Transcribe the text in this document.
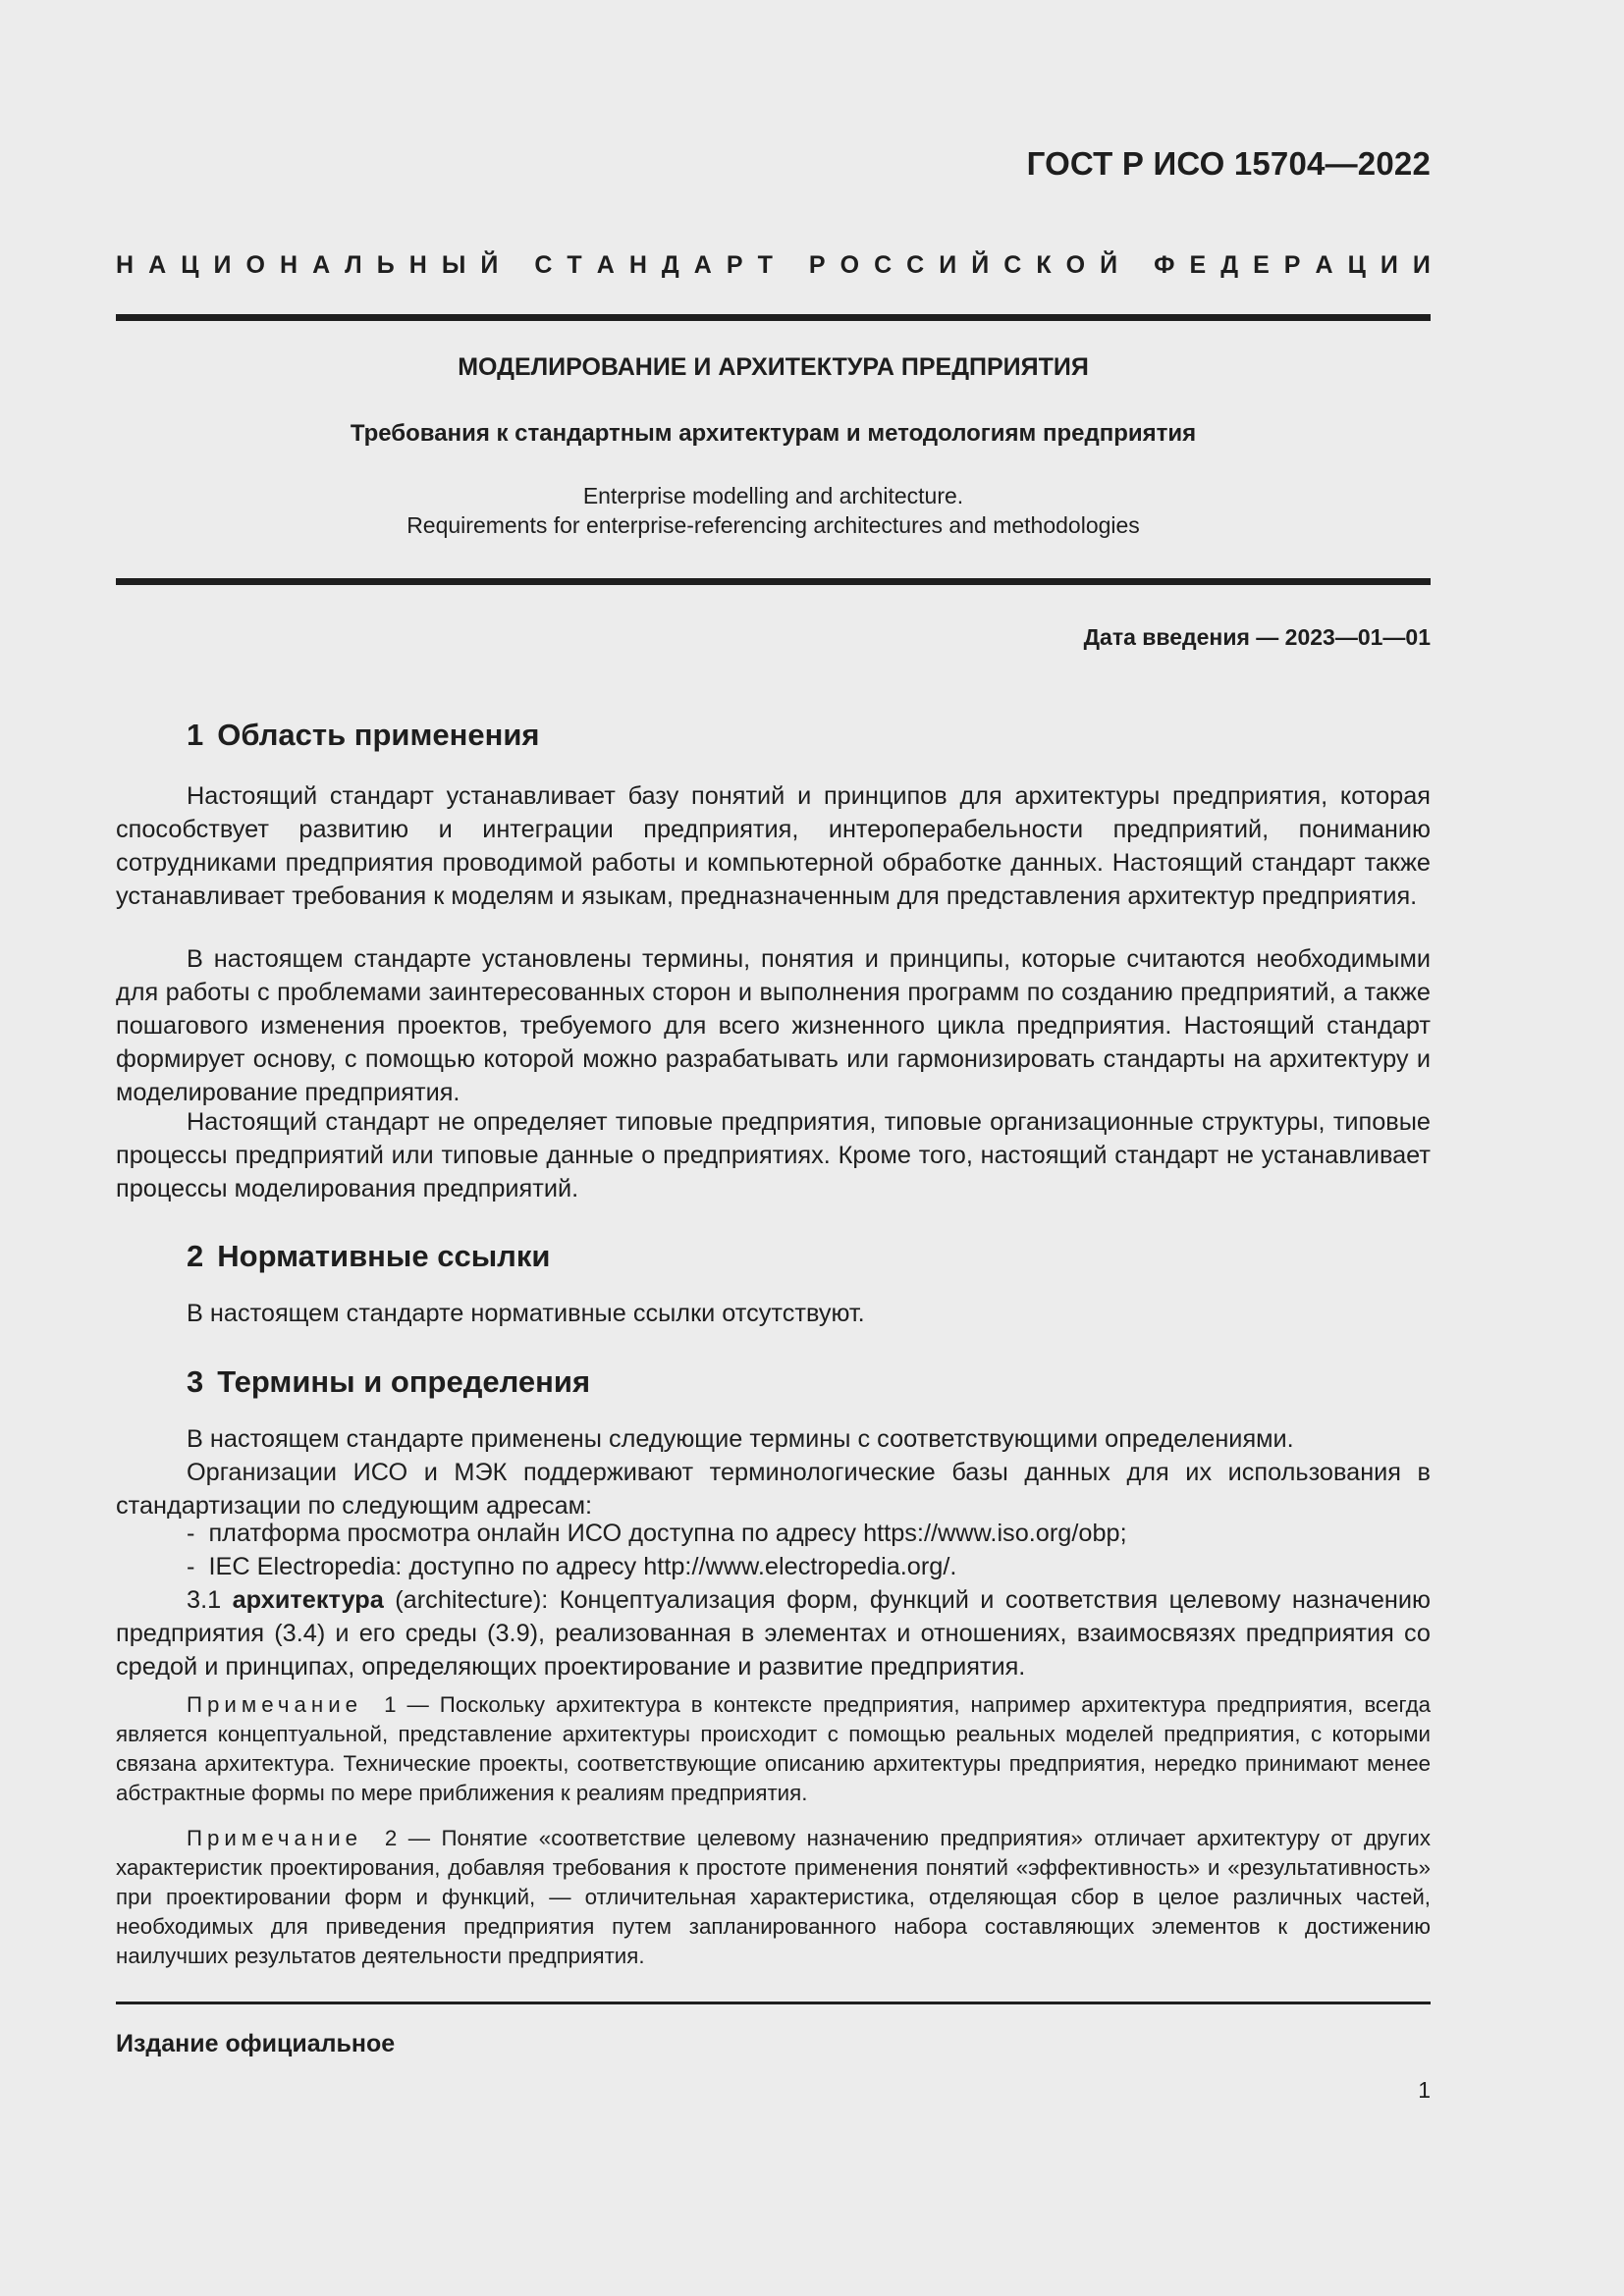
ГОСТ Р ИСО 15704—2022
Н А Ц И О Н А Л Ь Н Ы Й
С Т А Н Д А Р Т
Р О С С И Й С К О Й
Ф Е Д Е Р А Ц И И
МОДЕЛИРОВАНИЕ И АРХИТЕКТУРА ПРЕДПРИЯТИЯ
Требования к стандартным архитектурам и методологиям предприятия
Enterprise modelling and architecture.
Requirements for enterprise-referencing architectures and methodologies
Дата введения — 2023—01—01
1 Область применения
Настоящий стандарт устанавливает базу понятий и принципов для архитектуры предприятия, которая способствует развитию и интеграции предприятия, интероперабельности предприятий, пониманию сотрудниками предприятия проводимой работы и компьютерной обработке данных. Настоящий стандарт также устанавливает требования к моделям и языкам, предназначенным для представления архитектур предприятия.
В настоящем стандарте установлены термины, понятия и принципы, которые считаются необходимыми для работы с проблемами заинтересованных сторон и выполнения программ по созданию предприятий, а также пошагового изменения проектов, требуемого для всего жизненного цикла предприятия. Настоящий стандарт формирует основу, с помощью которой можно разрабатывать или гармонизировать стандарты на архитектуру и моделирование предприятия.
Настоящий стандарт не определяет типовые предприятия, типовые организационные структуры, типовые процессы предприятий или типовые данные о предприятиях. Кроме того, настоящий стандарт не устанавливает процессы моделирования предприятий.
2 Нормативные ссылки
В настоящем стандарте нормативные ссылки отсутствуют.
3 Термины и определения
В настоящем стандарте применены следующие термины с соответствующими определениями.
Организации ИСО и МЭК поддерживают терминологические базы данных для их использования в стандартизации по следующим адресам:
-  платформа просмотра онлайн ИСО доступна по адресу https://www.iso.org/obp;
-  IEC Electropedia: доступно по адресу http://www.electropedia.org/.
3.1 архитектура (architecture): Концептуализация форм, функций и соответствия целевому назначению предприятия (3.4) и его среды (3.9), реализованная в элементах и отношениях, взаимосвязях предприятия со средой и принципах, определяющих проектирование и развитие предприятия.
Примечание 1 — Поскольку архитектура в контексте предприятия, например архитектура предприятия, всегда является концептуальной, представление архитектуры происходит с помощью реальных моделей предприятия, с которыми связана архитектура. Технические проекты, соответствующие описанию архитектуры предприятия, нередко принимают менее абстрактные формы по мере приближения к реалиям предприятия.
Примечание 2 — Понятие «соответствие целевому назначению предприятия» отличает архитектуру от других характеристик проектирования, добавляя требования к простоте применения понятий «эффективность» и «результативность» при проектировании форм и функций, — отличительная характеристика, отделяющая сбор в целое различных частей, необходимых для приведения предприятия путем запланированного набора составляющих элементов к достижению наилучших результатов деятельности предприятия.
Издание официальное
1
